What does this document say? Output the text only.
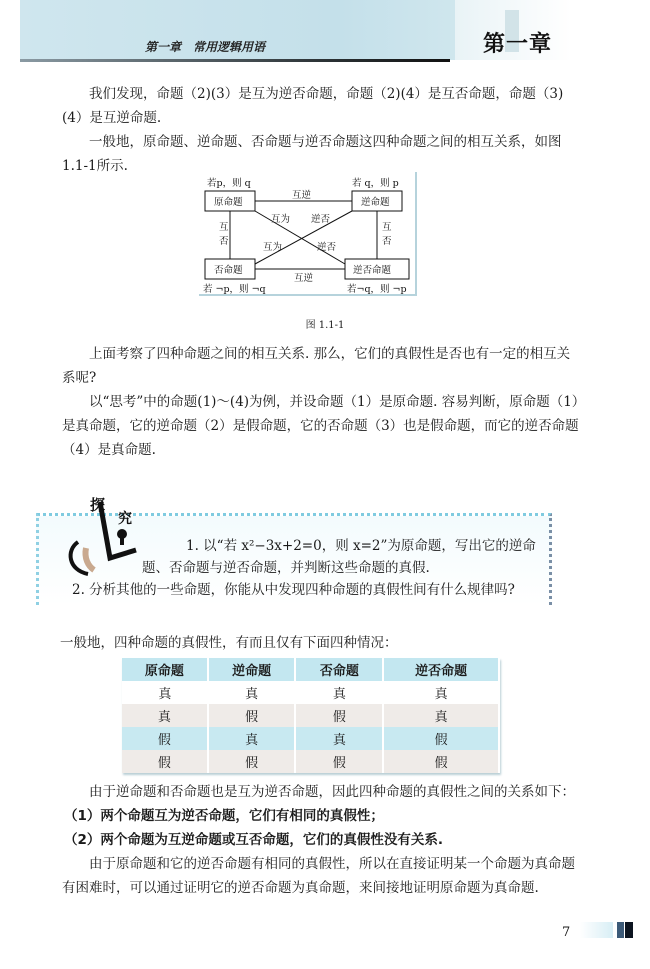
第一章　常用逻辑用语	第一章
我们发现，命题（2)(3）是互为逆否命题，命题（2)(4）是互否命题，命题（3)(4）是互逆命题.
一般地，原命题、逆命题、否命题与逆否命题这四种命题之间的相互关系，如图1.1-1所示.
若p，则 q	若 q，则 p
若 ¬p，则 ¬q	若¬q，则 ¬p
原命题	逆命题
否命题	逆否命题
互逆
互逆
互
否
互
否
互为
逆否
逆否
互为
图 1.1-1
上面考察了四种命题之间的相互关系. 那么，它们的真假性是否也有一定的相互关系呢?
以“思考”中的命题(1)～(4)为例，并设命题（1）是原命题. 容易判断，原命题（1）是真命题，它的逆命题（2）是假命题，它的否命题（3）也是假命题，而它的逆否命题（4）是真命题.
探
究
1. 以“若 x²−3x+2=0，则 x=2”为原命题，写出它的逆命
题、否命题与逆否命题，并判断这些命题的真假.
2. 分析其他的一些命题，你能从中发现四种命题的真假性间有什么规律吗?
一般地，四种命题的真假性，有而且仅有下面四种情况：
原命题	逆命题	否命题	逆否命题
真	真	真	真
真	假	假	真
假	真	真	假
假	假	假	假
由于逆命题和否命题也是互为逆否命题，因此四种命题的真假性之间的关系如下：
（1）两个命题互为逆否命题，它们有相同的真假性；
（2）两个命题为互逆命题或互否命题，它们的真假性没有关系.
由于原命题和它的逆否命题有相同的真假性，所以在直接证明某一个命题为真命题有困难时，可以通过证明它的逆否命题为真命题，来间接地证明原命题为真命题.
7
